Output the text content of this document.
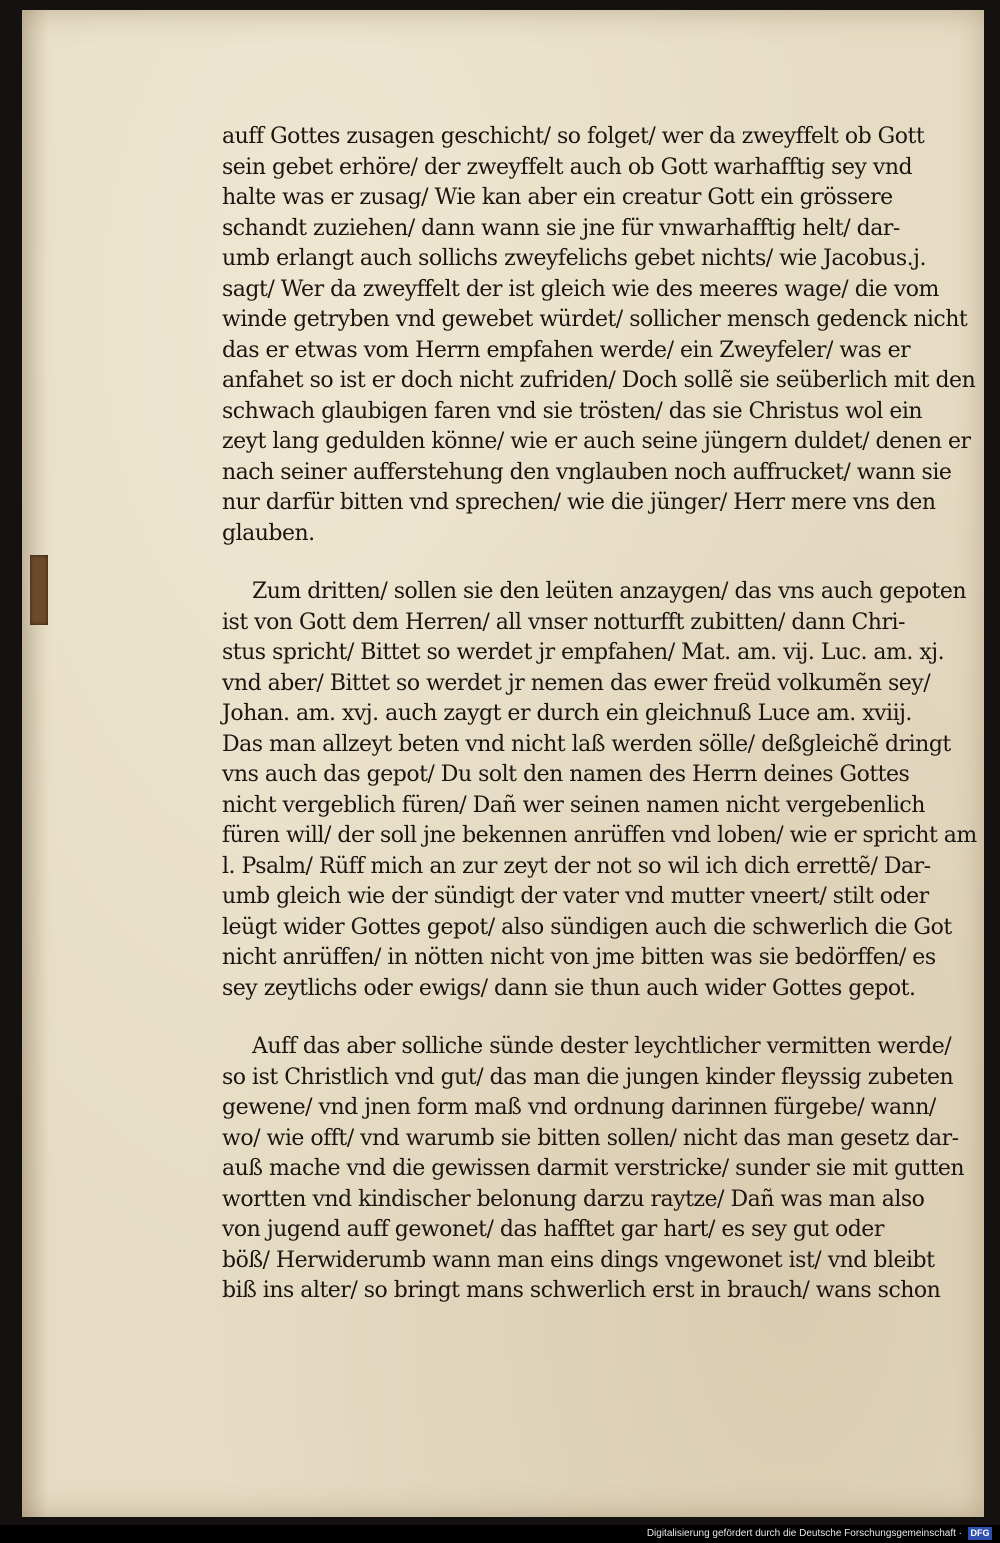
auff Gottes zusagen geschicht/ so folget/ wer da zweyffelt ob Gott
sein gebet erhöre/ der zweyffelt auch ob Gott warhafftig sey vnd
halte was er zusag/ Wie kan aber ein creatur Gott ein grössere
schandt zuziehen/ dann wann sie jne für vnwarhafftig helt/ dar-
umb erlangt auch sollichs zweyfelichs gebet nichts/ wie Jacobus.j.
sagt/ Wer da zweyffelt der ist gleich wie des meeres wage/ die vom
winde getryben vnd gewebet würdet/ sollicher mensch gedenck nicht
das er etwas vom Herrn empfahen werde/ ein Zweyfeler/ was er
anfahet so ist er doch nicht zufriden/ Doch sollẽ sie seüberlich mit den
schwach glaubigen faren vnd sie trösten/ das sie Christus wol ein
zeyt lang gedulden könne/ wie er auch seine jüngern duldet/ denen er
nach seiner aufferstehung den vnglauben noch auffrucket/ wann sie
nur darfür bitten vnd sprechen/ wie die jünger/ Herr mere vns den
glauben.
Zum dritten/ sollen sie den leüten anzaygen/ das vns auch gepoten
ist von Gott dem Herren/ all vnser notturfft zubitten/ dann Chri-
stus spricht/ Bittet so werdet jr empfahen/ Mat. am. vij. Luc. am. xj.
vnd aber/ Bittet so werdet jr nemen das ewer freüd volkumẽn sey/
Johan. am. xvj. auch zaygt er durch ein gleichnuß Luce am. xviij.
Das man allzeyt beten vnd nicht laß werden sölle/ deßgleichẽ dringt
vns auch das gepot/ Du solt den namen des Herrn deines Gottes
nicht vergeblich füren/ Dañ wer seinen namen nicht vergebenlich
füren will/ der soll jne bekennen anrüffen vnd loben/ wie er spricht am
l. Psalm/ Rüff mich an zur zeyt der not so wil ich dich errettẽ/ Dar-
umb gleich wie der sündigt der vater vnd mutter vneert/ stilt oder
leügt wider Gottes gepot/ also sündigen auch die schwerlich die Got
nicht anrüffen/ in nötten nicht von jme bitten was sie bedörffen/ es
sey zeytlichs oder ewigs/ dann sie thun auch wider Gottes gepot.
Auff das aber solliche sünde dester leychtlicher vermitten werde/
so ist Christlich vnd gut/ das man die jungen kinder fleyssig zubeten
gewene/ vnd jnen form maß vnd ordnung darinnen fürgebe/ wann/
wo/ wie offt/ vnd warumb sie bitten sollen/ nicht das man gesetz dar-
auß mache vnd die gewissen darmit verstricke/ sunder sie mit gutten
wortten vnd kindischer belonung darzu raytze/ Dañ was man also
von jugend auff gewonet/ das hafftet gar hart/ es sey gut oder
böß/ Herwiderumb wann man eins dings vngewonet ist/ vnd bleibt
biß ins alter/ so bringt mans schwerlich erst in brauch/ wans schon
Digitalisierung gefördert durch die Deutsche Forschungsgemeinschaft · DFG
